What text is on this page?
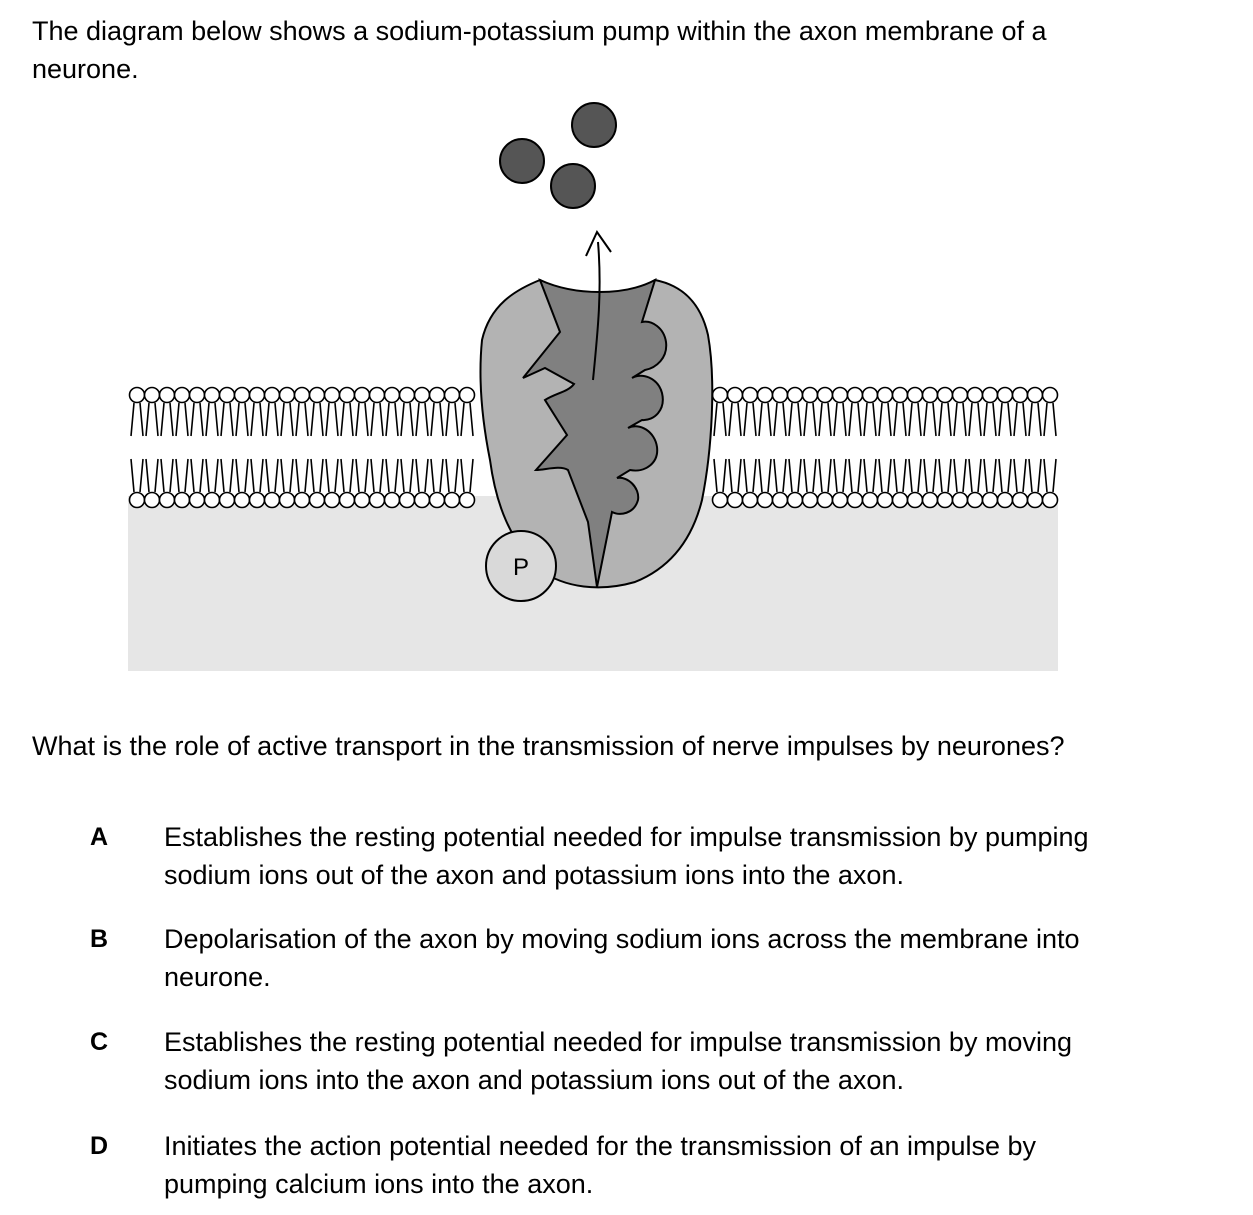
The diagram below shows a sodium-potassium pump within the axon membrane of a neurone.

P

What is the role of active transport in the transmission of nerve impulses by neurones?

A Establishes the resting potential needed for impulse transmission by pumping sodium ions out of the axon and potassium ions into the axon.
B Depolarisation of the axon by moving sodium ions across the membrane into neurone.
C Establishes the resting potential needed for impulse transmission by moving sodium ions into the axon and potassium ions out of the axon.
D Initiates the action potential needed for the transmission of an impulse by pumping calcium ions into the axon.
